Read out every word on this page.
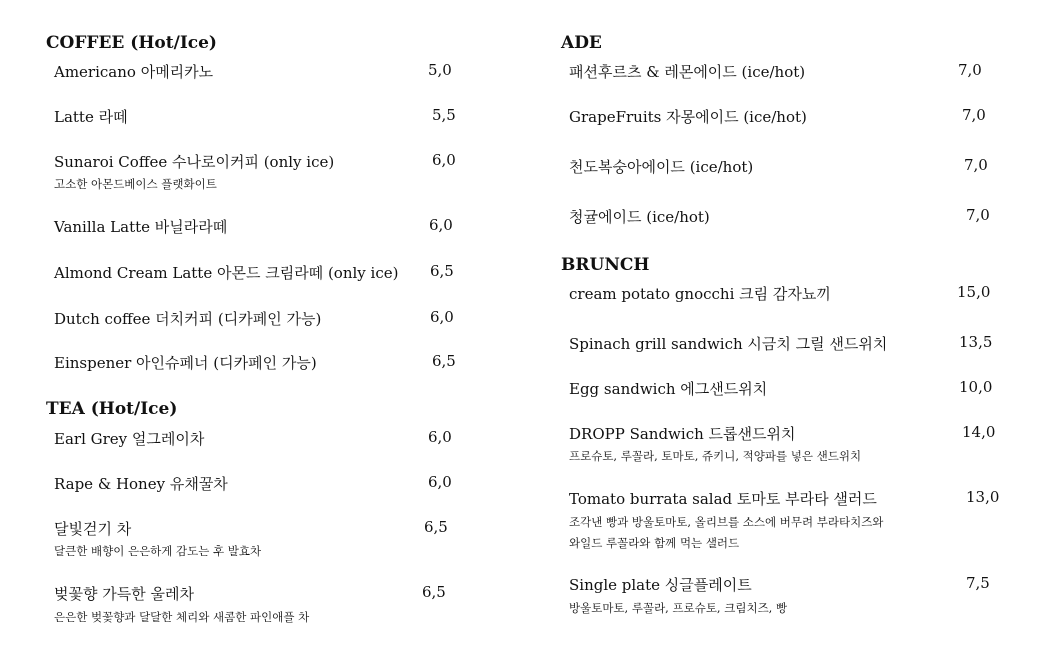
COFFEE (Hot/Ice)
Americano 아메리카노	5,0
Latte 라떼	5,5
Sunaroi Coffee 수나로이커피 (only ice)	6,0
고소한 아몬드베이스 플랫화이트
Vanilla Latte 바닐라라떼	6,0
Almond Cream Latte 아몬드 크림라떼 (only ice) 6,5
Dutch coffee 더치커피 (디카페인 가능)	6,0
Einspener 아인슈페너 (디카페인 가능)	6,5
TEA (Hot/Ice)
Earl Grey 얼그레이차	6,0
Rape & Honey 유채꿀차	6,0
달빛걷기 차	6,5
달큰한 배향이 은은하게 감도는 후 발효차
벚꽃향 가득한 울레차	6,5
은은한 벚꽃향과 달달한 체리와 새콤한 파인애플 차
ADE
패션후르츠 & 레몬에이드 (ice/hot)	7,0
GrapeFruits 자몽에이드 (ice/hot)	7,0
천도복숭아에이드 (ice/hot)	7,0
청귤에이드 (ice/hot)	7,0
BRUNCH
cream potato gnocchi 크림 감자뇨끼	15,0
Spinach grill sandwich 시금치 그릴 샌드위치	13,5
Egg sandwich 에그샌드위치	10,0
DROPP Sandwich 드롭샌드위치	14,0
프로슈토, 루꼴라, 토마토, 쥬키니, 적양파를 넣은 샌드위치
Tomato burrata salad 토마토 부라타 샐러드	13,0
조각낸 빵과 방울토마토, 올리브를 소스에 버무려 부라타치즈와
와일드 루꼴라와 함께 먹는 샐러드
Single plate 싱글플레이트	7,5
방울토마토, 루꼴라, 프로슈토, 크림치즈, 빵
